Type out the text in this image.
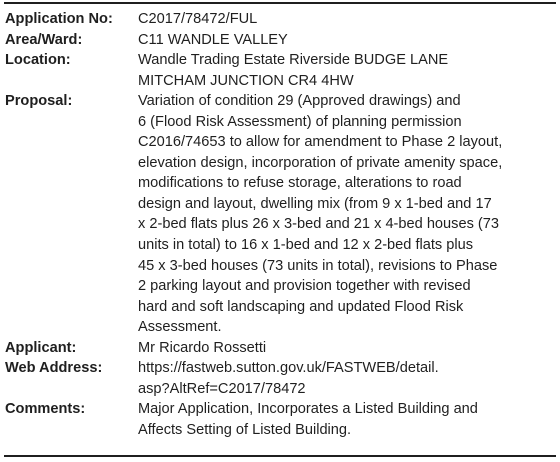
Application No:	C2017/78472/FUL
Area/Ward:	C11 WANDLE VALLEY
Location:	Wandle Trading Estate Riverside BUDGE LANE
MITCHAM JUNCTION CR4 4HW
Proposal:	Variation of condition 29 (Approved drawings) and
6 (Flood Risk Assessment) of planning permission
C2016/74653 to allow for amendment to Phase 2 layout,
elevation design, incorporation of private amenity space,
modifications to refuse storage, alterations to road
design and layout, dwelling mix (from 9 x 1-bed and 17
x 2-bed flats plus 26 x 3-bed and 21 x 4-bed houses (73
units in total) to 16 x 1-bed and 12 x 2-bed flats plus
45 x 3-bed houses (73 units in total), revisions to Phase
2 parking layout and provision together with revised
hard and soft landscaping and updated Flood Risk
Assessment.
Applicant:	Mr Ricardo Rossetti
Web Address:	https://fastweb.sutton.gov.uk/FASTWEB/detail.
asp?AltRef=C2017/78472
Comments:	Major Application, Incorporates a Listed Building and
Affects Setting of Listed Building.
